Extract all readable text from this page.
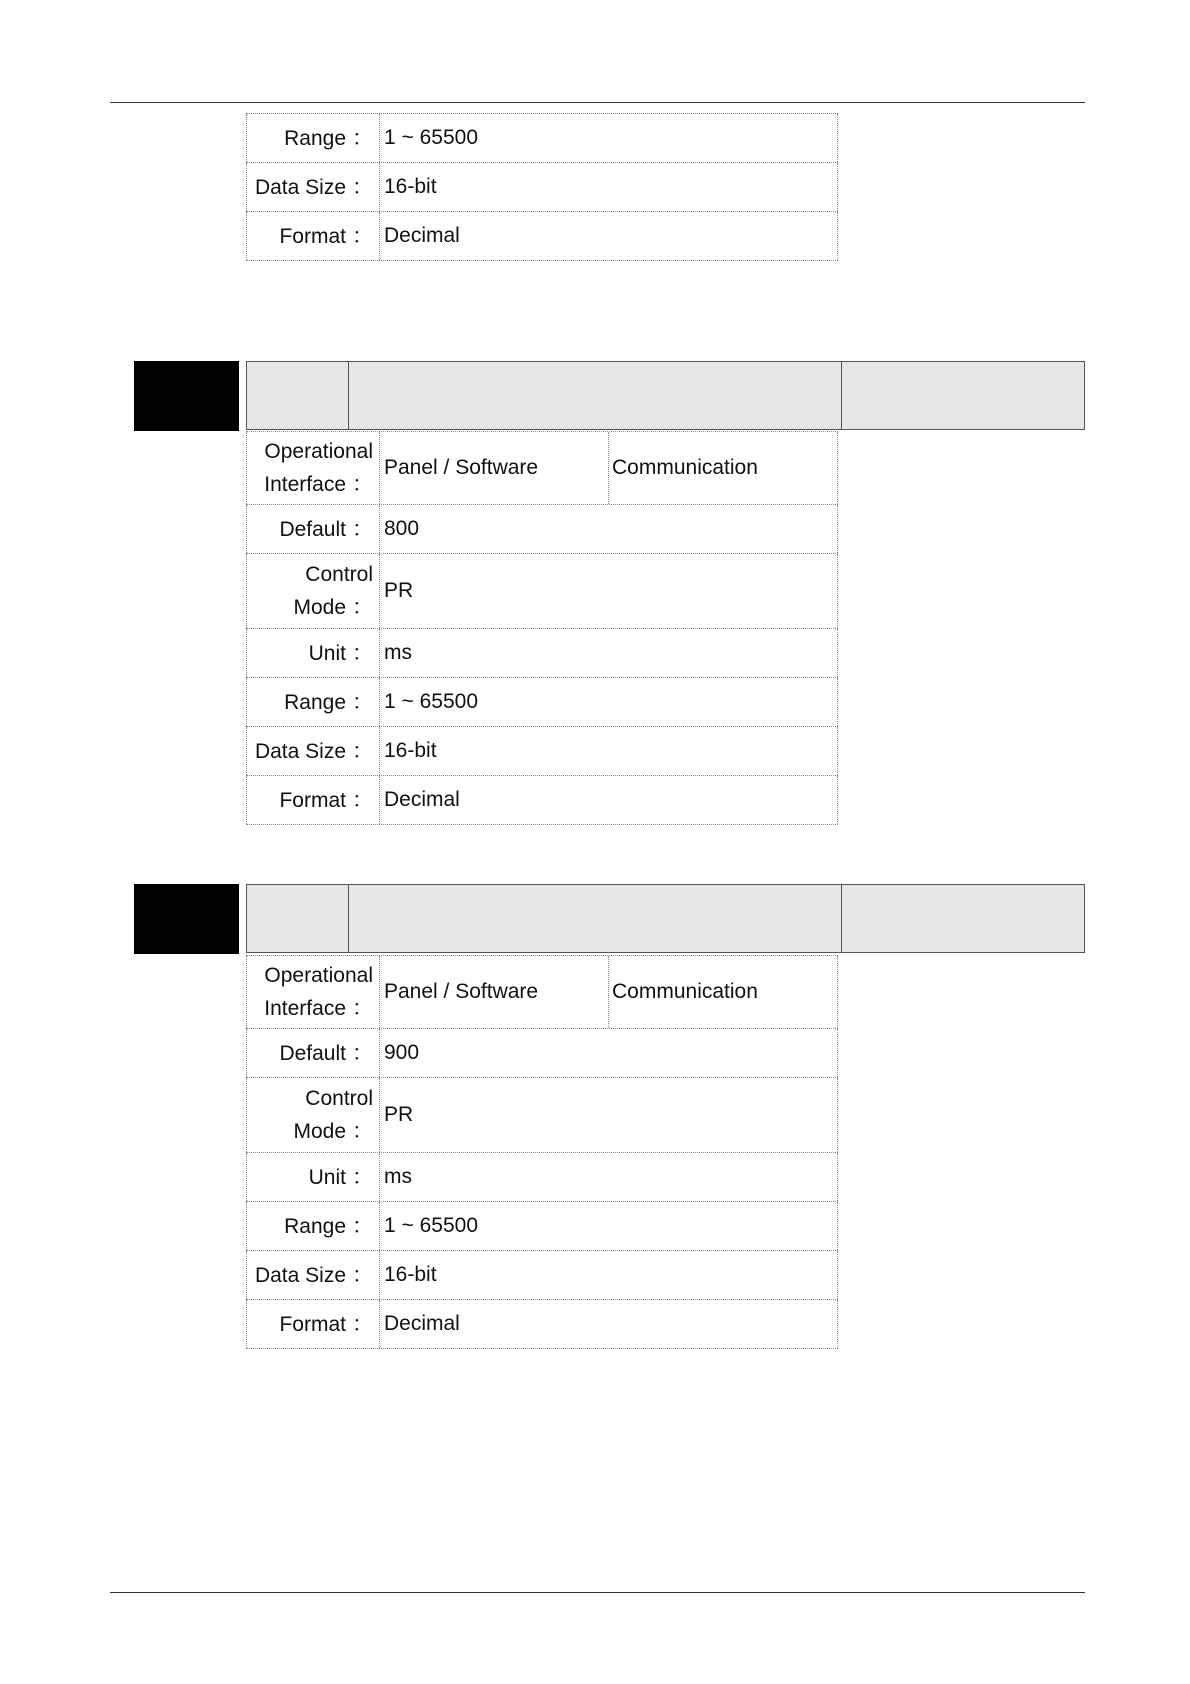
Range ： 1 ~ 65500
Data Size ： 16-bit
Format ： Decimal
Operational
Interface ：
Panel / Software	Communication
Default ： 800
Control
Mode ：
PR
Unit ： ms
Range ： 1 ~ 65500
Data Size ： 16-bit
Format ： Decimal
Operational
Interface ：
Panel / Software	Communication
Default ： 900
Control
Mode ：
PR
Unit ： ms
Range ： 1 ~ 65500
Data Size ： 16-bit
Format ： Decimal
